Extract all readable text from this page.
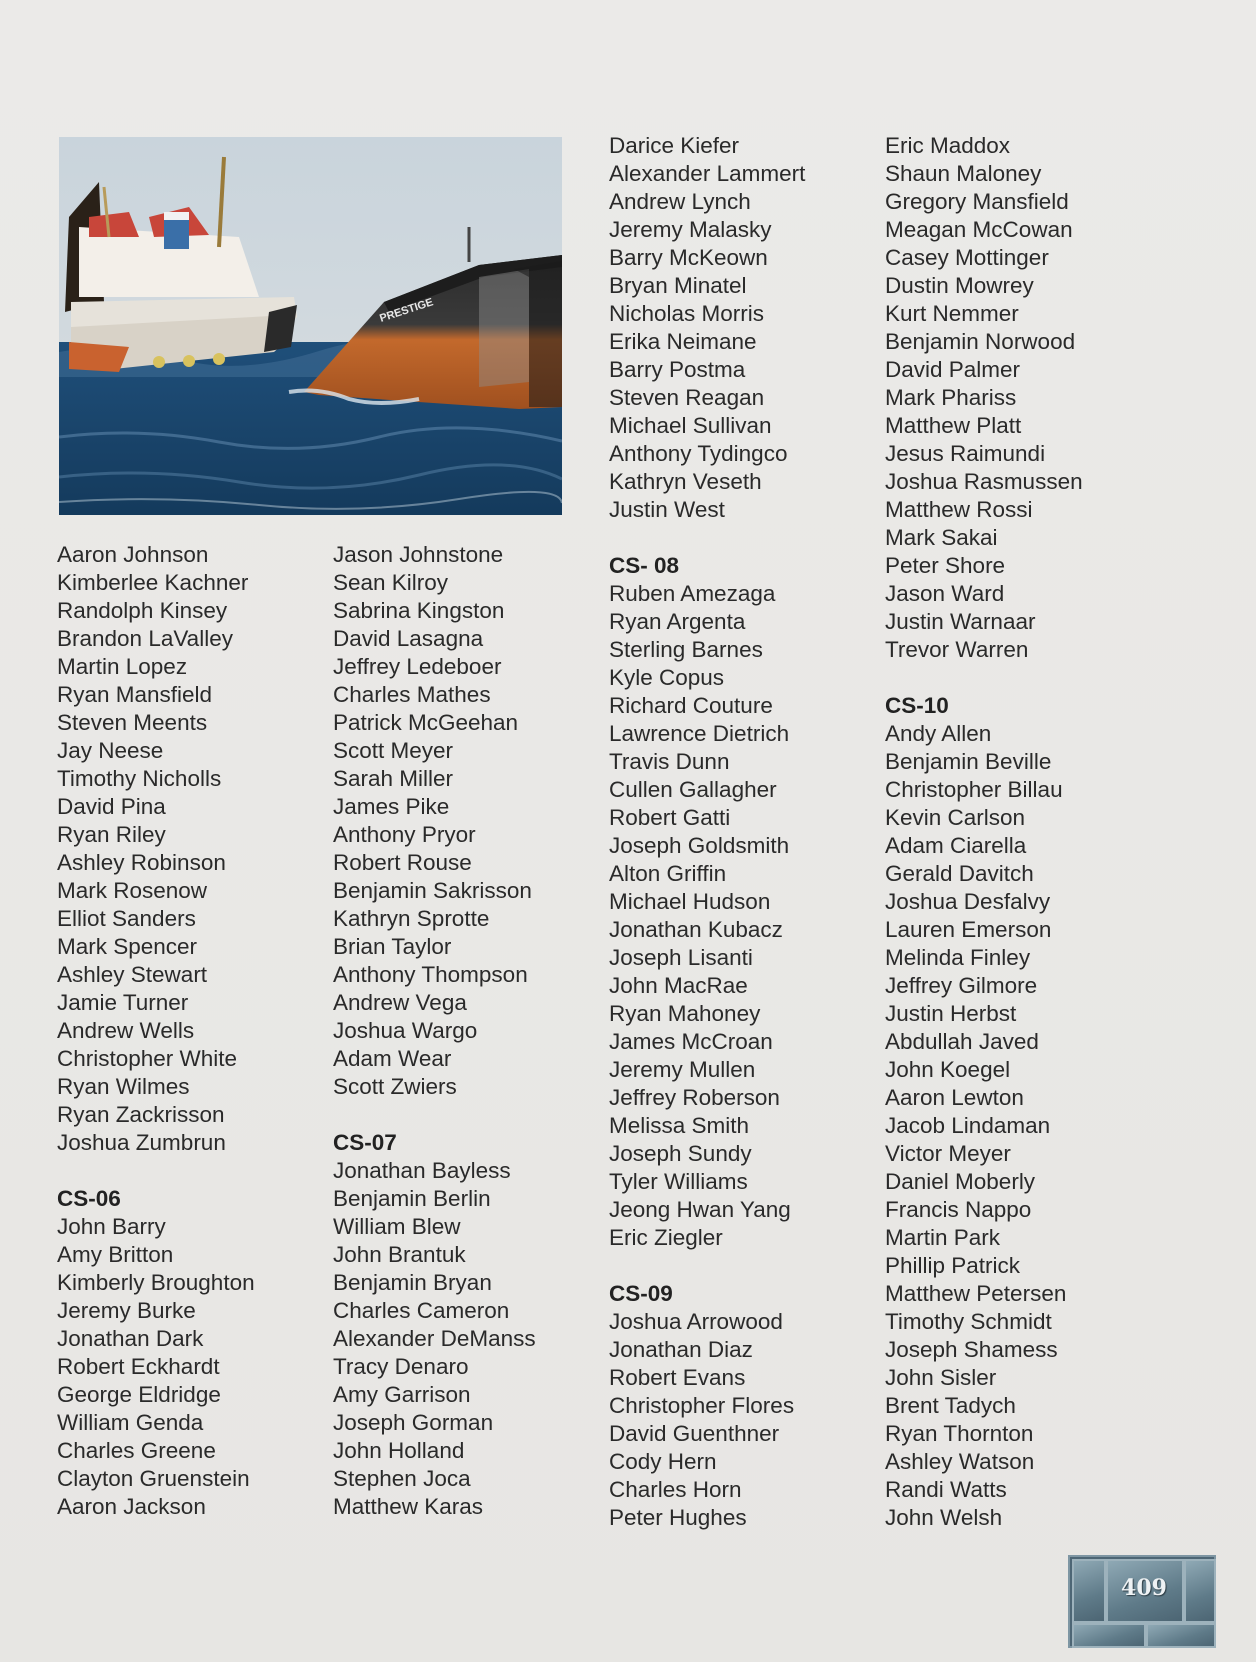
PRESTIGE
Aaron Johnson
Kimberlee Kachner
Randolph Kinsey
Brandon LaValley
Martin Lopez
Ryan Mansfield
Steven Meents
Jay Neese
Timothy Nicholls
David Pina
Ryan Riley
Ashley Robinson
Mark Rosenow
Elliot Sanders
Mark Spencer
Ashley Stewart
Jamie Turner
Andrew Wells
Christopher White
Ryan Wilmes
Ryan Zackrisson
Joshua Zumbrun
CS-06
John Barry
Amy Britton
Kimberly Broughton
Jeremy Burke
Jonathan Dark
Robert Eckhardt
George Eldridge
William Genda
Charles Greene
Clayton Gruenstein
Aaron Jackson
Jason Johnstone
Sean Kilroy
Sabrina Kingston
David Lasagna
Jeffrey Ledeboer
Charles Mathes
Patrick McGeehan
Scott Meyer
Sarah Miller
James Pike
Anthony Pryor
Robert Rouse
Benjamin Sakrisson
Kathryn Sprotte
Brian Taylor
Anthony Thompson
Andrew Vega
Joshua Wargo
Adam Wear
Scott Zwiers
CS-07
Jonathan Bayless
Benjamin Berlin
William Blew
John Brantuk
Benjamin Bryan
Charles Cameron
Alexander DeManss
Tracy Denaro
Amy Garrison
Joseph Gorman
John Holland
Stephen Joca
Matthew Karas
Darice Kiefer
Alexander Lammert
Andrew Lynch
Jeremy Malasky
Barry McKeown
Bryan Minatel
Nicholas Morris
Erika Neimane
Barry Postma
Steven Reagan
Michael Sullivan
Anthony Tydingco
Kathryn Veseth
Justin West
CS- 08
Ruben Amezaga
Ryan Argenta
Sterling Barnes
Kyle Copus
Richard Couture
Lawrence Dietrich
Travis Dunn
Cullen Gallagher
Robert Gatti
Joseph Goldsmith
Alton Griffin
Michael Hudson
Jonathan Kubacz
Joseph Lisanti
John MacRae
Ryan Mahoney
James McCroan
Jeremy Mullen
Jeffrey Roberson
Melissa Smith
Joseph Sundy
Tyler Williams
Jeong Hwan Yang
Eric Ziegler
CS-09
Joshua Arrowood
Jonathan Diaz
Robert Evans
Christopher Flores
David Guenthner
Cody Hern
Charles Horn
Peter Hughes
Eric Maddox
Shaun Maloney
Gregory Mansfield
Meagan McCowan
Casey Mottinger
Dustin Mowrey
Kurt Nemmer
Benjamin Norwood
David Palmer
Mark Phariss
Matthew Platt
Jesus Raimundi
Joshua Rasmussen
Matthew Rossi
Mark Sakai
Peter Shore
Jason Ward
Justin Warnaar
Trevor Warren
CS-10
Andy Allen
Benjamin Beville
Christopher Billau
Kevin Carlson
Adam Ciarella
Gerald Davitch
Joshua Desfalvy
Lauren Emerson
Melinda Finley
Jeffrey Gilmore
Justin Herbst
Abdullah Javed
John Koegel
Aaron Lewton
Jacob Lindaman
Victor Meyer
Daniel Moberly
Francis Nappo
Martin Park
Phillip Patrick
Matthew Petersen
Timothy Schmidt
Joseph Shamess
John Sisler
Brent Tadych
Ryan Thornton
Ashley Watson
Randi Watts
John Welsh
409
